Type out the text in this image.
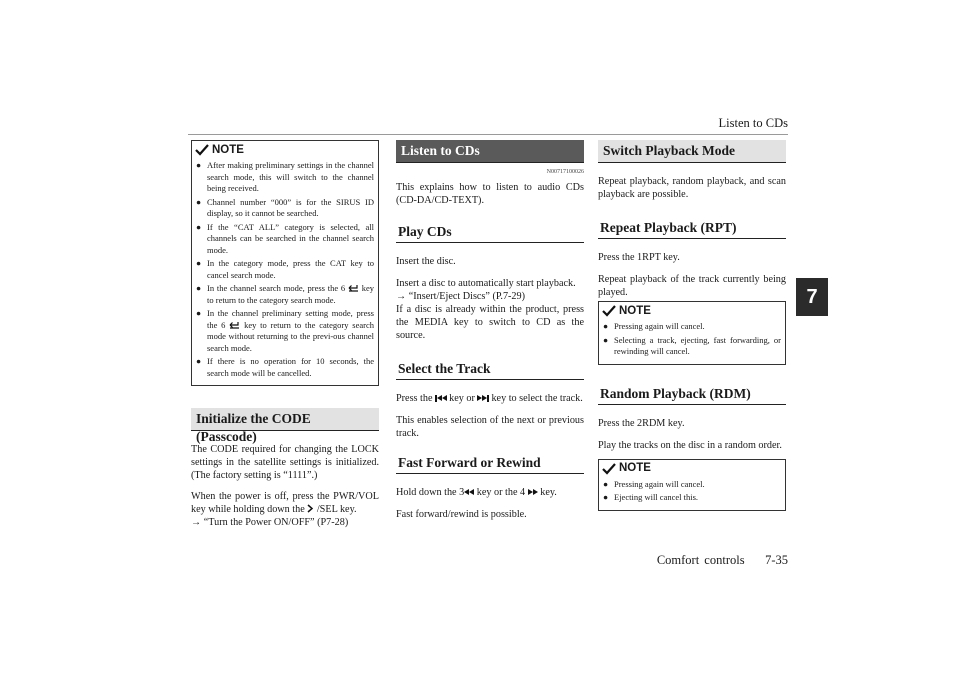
Listen to CDs
7
Comfort controls 7-35
NOTE
● After making preliminary settings in the channel search mode, this will switch to the channel being received.
● Channel number “000” is for the SIRUS ID display, so it cannot be searched.
● If the “CAT ALL” category is selected, all channels can be searched in the channel search mode.
● In the category mode, press the CAT key to cancel search mode.
● In the channel search mode, press the 6 key to return to the category search mode.
● In the channel preliminary setting mode, press the 6 key to return to the category search mode without returning to the previ-ous channel search mode.
● If there is no operation for 10 seconds, the search mode will be cancelled.
Initialize the CODE (Passcode)

The CODE required for changing the LOCK settings in the satellite settings is initialized. (The factory setting is “1111”.)

When the power is off, press the PWR/VOL key while holding down the /SEL key.

→ “Turn the Power ON/OFF” (P7-28)

Listen to CDs
N00717100026

This explains how to listen to audio CDs (CD-DA/CD-TEXT).

Play CDs

Insert the disc.

Insert a disc to automatically start playback.

→ “Insert/Eject Discs” (P.7-29)

If a disc is already within the product, press the MEDIA key to switch to CD as the source.

Select the Track

Press the key or key to select the track.

This enables selection of the next or previous track.

Fast Forward or Rewind

Hold down the 3 key or the 4 key.

Fast forward/rewind is possible.

Switch Playback Mode

Repeat playback, random playback, and scan playback are possible.

Repeat Playback (RPT)

Press the 1RPT key.

Repeat playback of the track currently being played.

NOTE
● Pressing again will cancel.
● Selecting a track, ejecting, fast forwarding, or rewinding will cancel.
Random Playback (RDM)

Press the 2RDM key.

Play the tracks on the disc in a random order.

NOTE
● Pressing again will cancel.
● Ejecting will cancel this.
